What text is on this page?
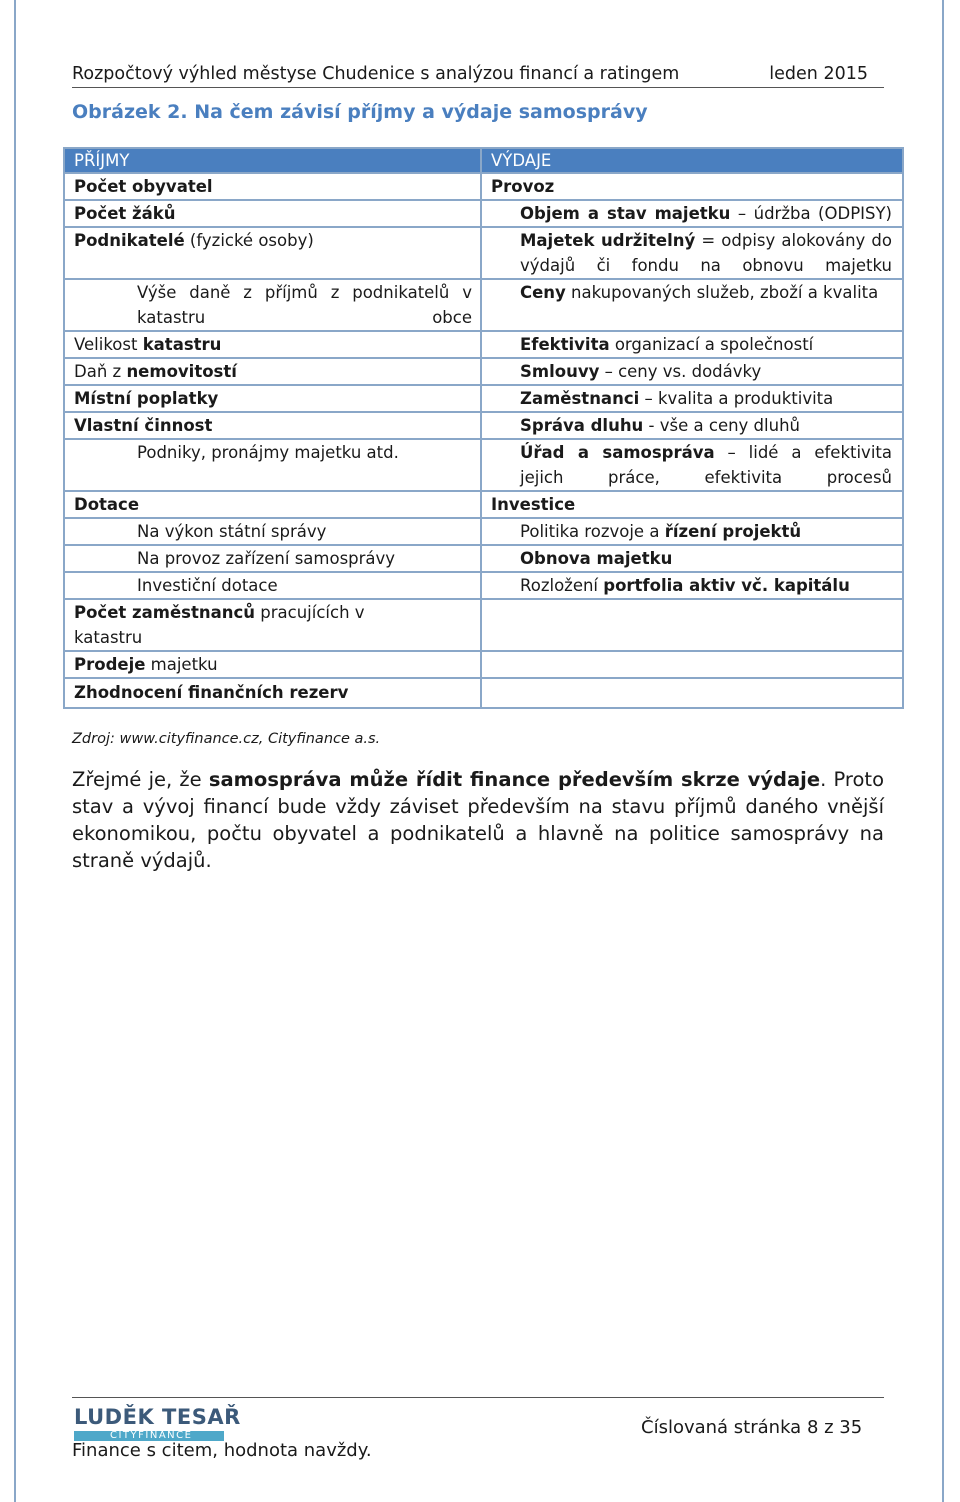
Rozpočtový výhled městyse Chudenice s analýzou financí a ratingem	leden 2015
Obrázek 2. Na čem závisí příjmy a výdaje samosprávy
PŘÍJMY	VÝDAJE

Počet obyvatel	Provoz

Počet žáků	Objem a stav majetku – údržba (ODPISY)

Podnikatelé (fyzické osoby)	Majetek udržitelný = odpisy alokovány do výdajů či fondu na obnovu majetku

Výše daně z příjmů z podnikatelů v katastru obce	Ceny nakupovaných služeb, zboží a kvalita

Velikost katastru	Efektivita organizací a společností

Daň z nemovitostí	Smlouvy – ceny vs. dodávky

Místní poplatky	Zaměstnanci – kvalita a produktivita

Vlastní činnost	Správa dluhu - vše a ceny dluhů

Podniky, pronájmy majetku atd.	Úřad a samospráva – lidé a efektivita jejich práce, efektivita procesů

Dotace	Investice

Na výkon státní správy	Politika rozvoje a řízení projektů

Na provoz zařízení samosprávy	Obnova majetku

Investiční dotace	Rozložení portfolia aktiv vč. kapitálu

Počet zaměstnanců pracujících v katastru	

Prodeje majetku	

Zhodnocení finančních rezerv	

Zdroj: www.cityfinance.cz, Cityfinance a.s.
Zřejmé je, že samospráva může řídit finance především skrze výdaje. Proto stav a vývoj financí bude vždy záviset především na stavu příjmů daného vnější ekonomikou, počtu obyvatel a podnikatelů a hlavně na politice samosprávy na straně výdajů.
LUDĚK TESAŘ
CITYFINANCE
Finance s citem, hodnota navždy.
Číslovaná stránka 8 z 35
